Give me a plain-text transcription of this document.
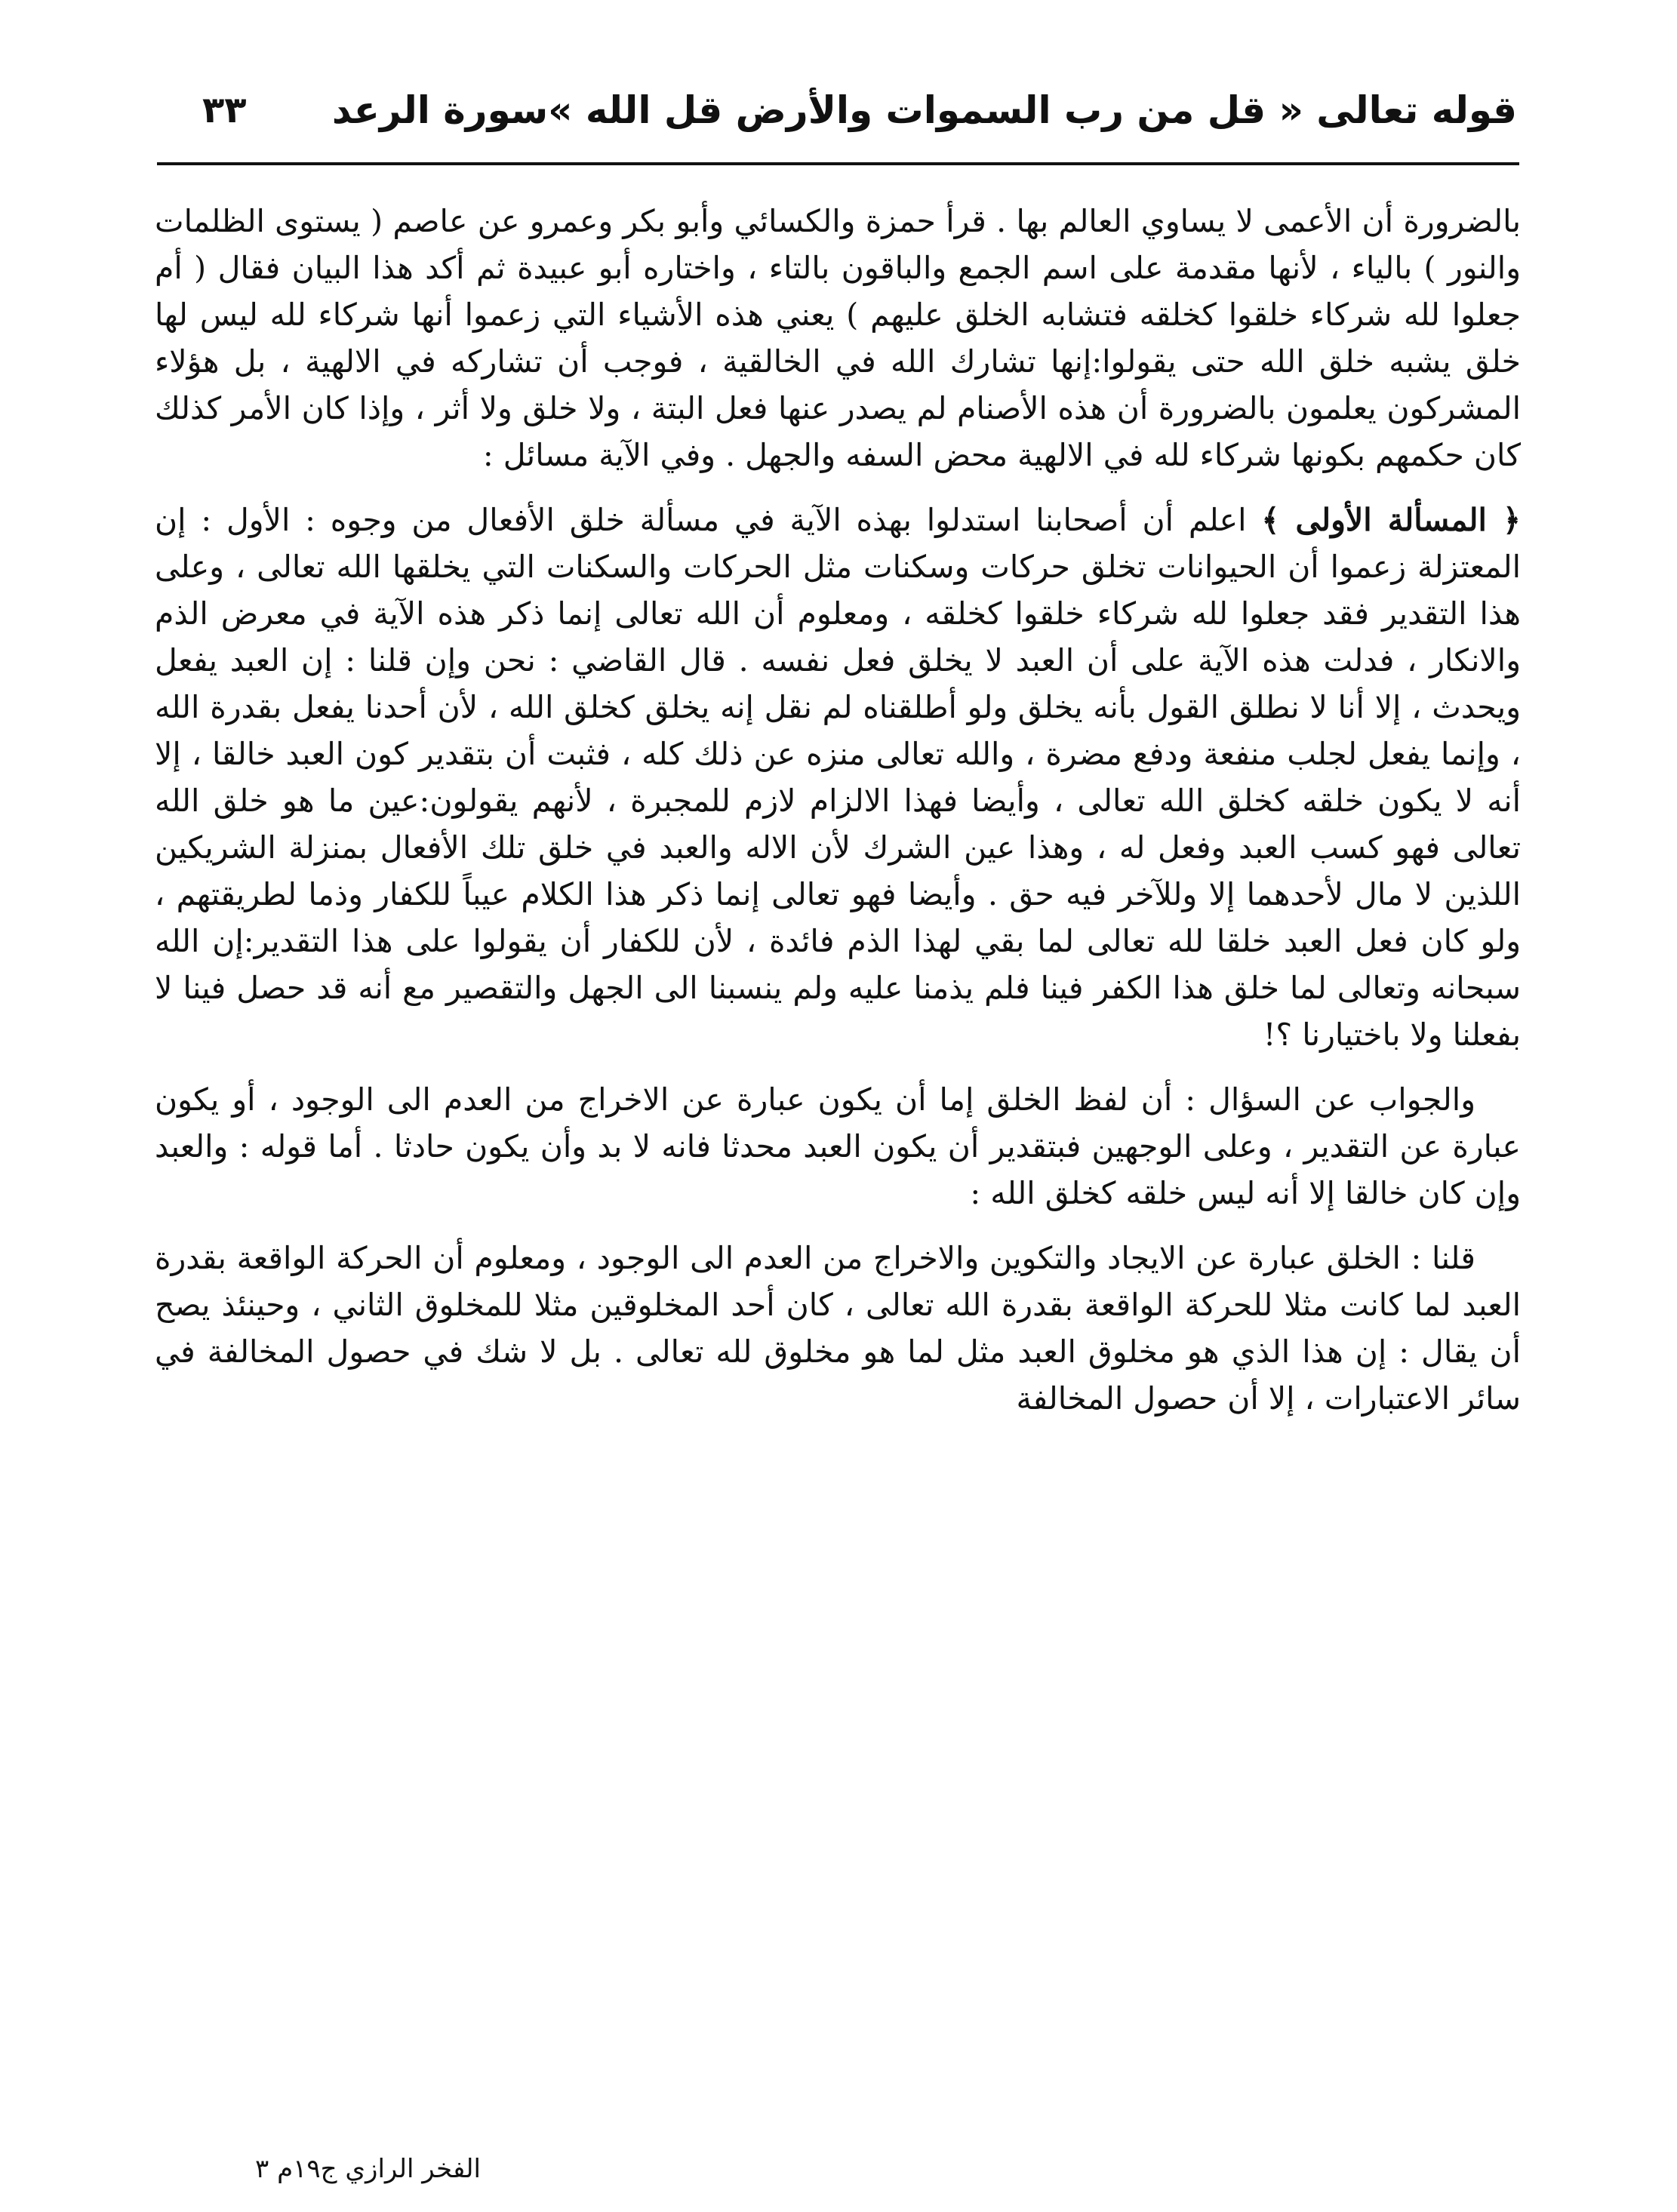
قوله تعالى « قل من رب السموات والأرض قل الله »سورة الرعد
٣٣

بالضرورة أن الأعمى لا يساوي العالم بها . قرأ حمزة والكسائي وأبو بكر وعمرو عن عاصم ( يستوى الظلمات والنور ) بالياء ، لأنها مقدمة على اسم الجمع والباقون بالتاء ، واختاره أبو عبيدة ثم أكد هذا البيان فقال ( أم جعلوا لله شركاء خلقوا كخلقه فتشابه الخلق عليهم ) يعني هذه الأشياء التي زعموا أنها شركاء لله ليس لها خلق يشبه خلق الله حتى يقولوا:إنها تشارك الله في الخالقية ، فوجب أن تشاركه في الالهية ، بل هؤلاء المشركون يعلمون بالضرورة أن هذه الأصنام لم يصدر عنها فعل البتة ، ولا خلق ولا أثر ، وإذا كان الأمر كذلك كان حكمهم بكونها شركاء لله في الالهية محض السفه والجهل . وفي الآية مسائل :

﴿ المسألة الأولى ﴾ اعلم أن أصحابنا استدلوا بهذه الآية في مسألة خلق الأفعال من وجوه : الأول : إن المعتزلة زعموا أن الحيوانات تخلق حركات وسكنات مثل الحركات والسكنات التي يخلقها الله تعالى ، وعلى هذا التقدير فقد جعلوا لله شركاء خلقوا كخلقه ، ومعلوم أن الله تعالى إنما ذكر هذه الآية في معرض الذم والانكار ، فدلت هذه الآية على أن العبد لا يخلق فعل نفسه . قال القاضي : نحن وإن قلنا : إن العبد يفعل ويحدث ، إلا أنا لا نطلق القول بأنه يخلق ولو أطلقناه لم نقل إنه يخلق كخلق الله ، لأن أحدنا يفعل بقدرة الله ، وإنما يفعل لجلب منفعة ودفع مضرة ، والله تعالى منزه عن ذلك كله ، فثبت أن بتقدير كون العبد خالقا ، إلا أنه لا يكون خلقه كخلق الله تعالى ، وأيضا فهذا الالزام لازم للمجبرة ، لأنهم يقولون:عين ما هو خلق الله تعالى فهو كسب العبد وفعل له ، وهذا عين الشرك لأن الاله والعبد في خلق تلك الأفعال بمنزلة الشريكين اللذين لا مال لأحدهما إلا وللآخر فيه حق . وأيضا فهو تعالى إنما ذكر هذا الكلام عيباً للكفار وذما لطريقتهم ، ولو كان فعل العبد خلقا لله تعالى لما بقي لهذا الذم فائدة ، لأن للكفار أن يقولوا على هذا التقدير:إن الله سبحانه وتعالى لما خلق هذا الكفر فينا فلم يذمنا عليه ولم ينسبنا الى الجهل والتقصير مع أنه قد حصل فينا لا بفعلنا ولا باختيارنا ؟!

والجواب عن السؤال : أن لفظ الخلق إما أن يكون عبارة عن الاخراج من العدم الى الوجود ، أو يكون عبارة عن التقدير ، وعلى الوجهين فبتقدير أن يكون العبد محدثا فانه لا بد وأن يكون حادثا . أما قوله : والعبد وإن كان خالقا إلا أنه ليس خلقه كخلق الله :

قلنا : الخلق عبارة عن الايجاد والتكوين والاخراج من العدم الى الوجود ، ومعلوم أن الحركة الواقعة بقدرة العبد لما كانت مثلا للحركة الواقعة بقدرة الله تعالى ، كان أحد المخلوقين مثلا للمخلوق الثاني ، وحينئذ يصح أن يقال : إن هذا الذي هو مخلوق العبد مثل لما هو مخلوق لله تعالى . بل لا شك في حصول المخالفة في سائر الاعتبارات ، إلا أن حصول المخالفة

الفخر الرازي ج١٩م ٣
